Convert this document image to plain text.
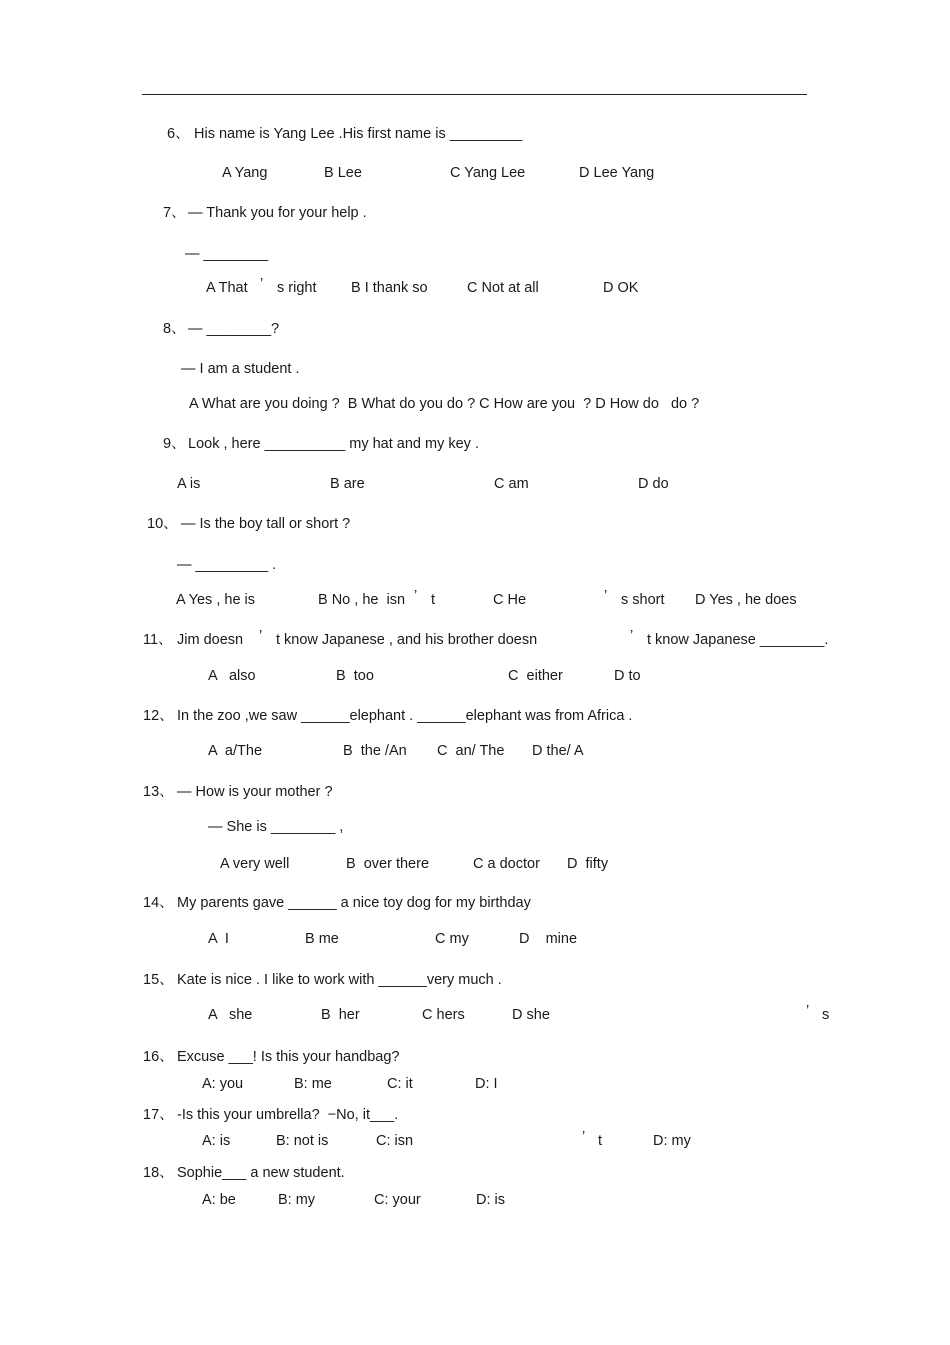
6、 His name is Yang Lee .His first name is _________
A Yang	B Lee	C Yang Lee	D Lee Yang
7、 — Thank you for your help .
— ________
A That ’ s right B I thank so	C Not at all	D OK
8、 — ________?
— I am a student .
A What are you doing ?  B What do you do ? C How are you  ? D How do   do ?
9、 Look , here __________ my hat and my key .
A is	B are	C am	D do
10、 — Is the boy tall or short ?
— _________ .
A Yes , he is	B No , he  isn ’ t	C He	’ s short D Yes , he does
11、 Jim doesn ’ t know Japanese , and his brother doesn	’ t know Japanese ________.
A   also	B  too	C  either	D to
12、 In the zoo ,we saw ______elephant . ______elephant was from Africa .
A  a/The	B  the /An C  an/ The D the/ A
13、 — How is your mother ?
— She is ________ ,
A very well	B  over there	C a doctor D  fifty
14、 My parents gave ______ a nice toy dog for my birthday
A  I	B me	C my	D    mine
15、 Kate is nice . I like to work with ______very much .
A   she	B  her	C hers	D she	’ s
16、 Excuse ___! Is this your handbag?
A: you	B: me	C: it	D: I
17、 -Is this your umbrella?  −No, it___.
A: is	B: not is	C: isn	’ t	D: my
18、 Sophie___ a new student.
A: be	B: my	C: your	D: is
